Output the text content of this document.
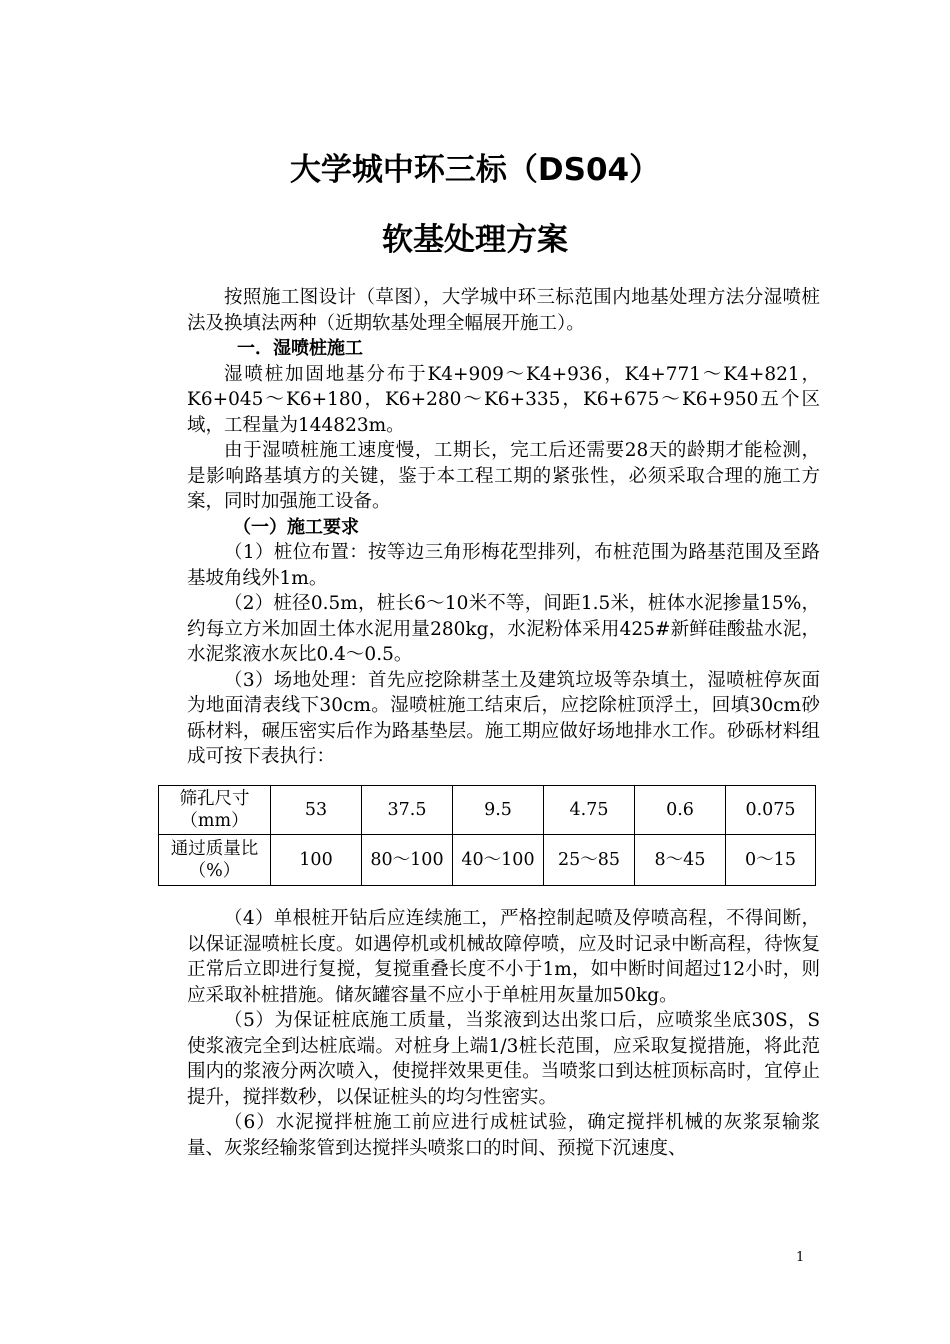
大学城中环三标（DS04）
软基处理方案

按照施工图设计（草图），大学城中环三标范围内地基处理方法分湿喷桩法及换填法两种（近期软基处理全幅展开施工）。

一．湿喷桩施工

湿喷桩加固地基分布于K4+909～K4+936，K4+771～K4+821，K6+045～K6+180，K6+280～K6+335，K6+675～K6+950五个区域，工程量为144823m。

由于湿喷桩施工速度慢，工期长，完工后还需要28天的龄期才能检测，是影响路基填方的关键，鉴于本工程工期的紧张性，必须采取合理的施工方案，同时加强施工设备。

（一）施工要求

（1）桩位布置：按等边三角形梅花型排列，布桩范围为路基范围及至路基坡角线外1m。

（2）桩径0.5m，桩长6～10米不等，间距1.5米，桩体水泥掺量15%，约每立方米加固土体水泥用量280kg，水泥粉体采用425#新鲜硅酸盐水泥，水泥浆液水灰比0.4～0.5。

（3）场地处理：首先应挖除耕茎土及建筑垃圾等杂填土，湿喷桩停灰面为地面清表线下30cm。湿喷桩施工结束后，应挖除桩顶浮土，回填30cm砂砾材料，碾压密实后作为路基垫层。施工期应做好场地排水工作。砂砾材料组成可按下表执行：

筛孔尺寸（mm）	53	37.5	9.5	4.75	0.6	0.075
通过质量比（%）	100	80～100	40～100	25～85	8～45	0～15

（4）单根桩开钻后应连续施工，严格控制起喷及停喷高程，不得间断，以保证湿喷桩长度。如遇停机或机械故障停喷，应及时记录中断高程，待恢复正常后立即进行复搅，复搅重叠长度不小于1m，如中断时间超过12小时，则应采取补桩措施。储灰罐容量不应小于单桩用灰量加50kg。

（5）为保证桩底施工质量，当浆液到达出浆口后，应喷浆坐底30S，S使浆液完全到达桩底端。对桩身上端1/3桩长范围，应采取复搅措施，将此范围内的浆液分两次喷入，使搅拌效果更佳。当喷浆口到达桩顶标高时，宜停止提升，搅拌数秒，以保证桩头的均匀性密实。

（6）水泥搅拌桩施工前应进行成桩试验，确定搅拌机械的灰浆泵输浆量、灰浆经输浆管到达搅拌头喷浆口的时间、预搅下沉速度、

1
